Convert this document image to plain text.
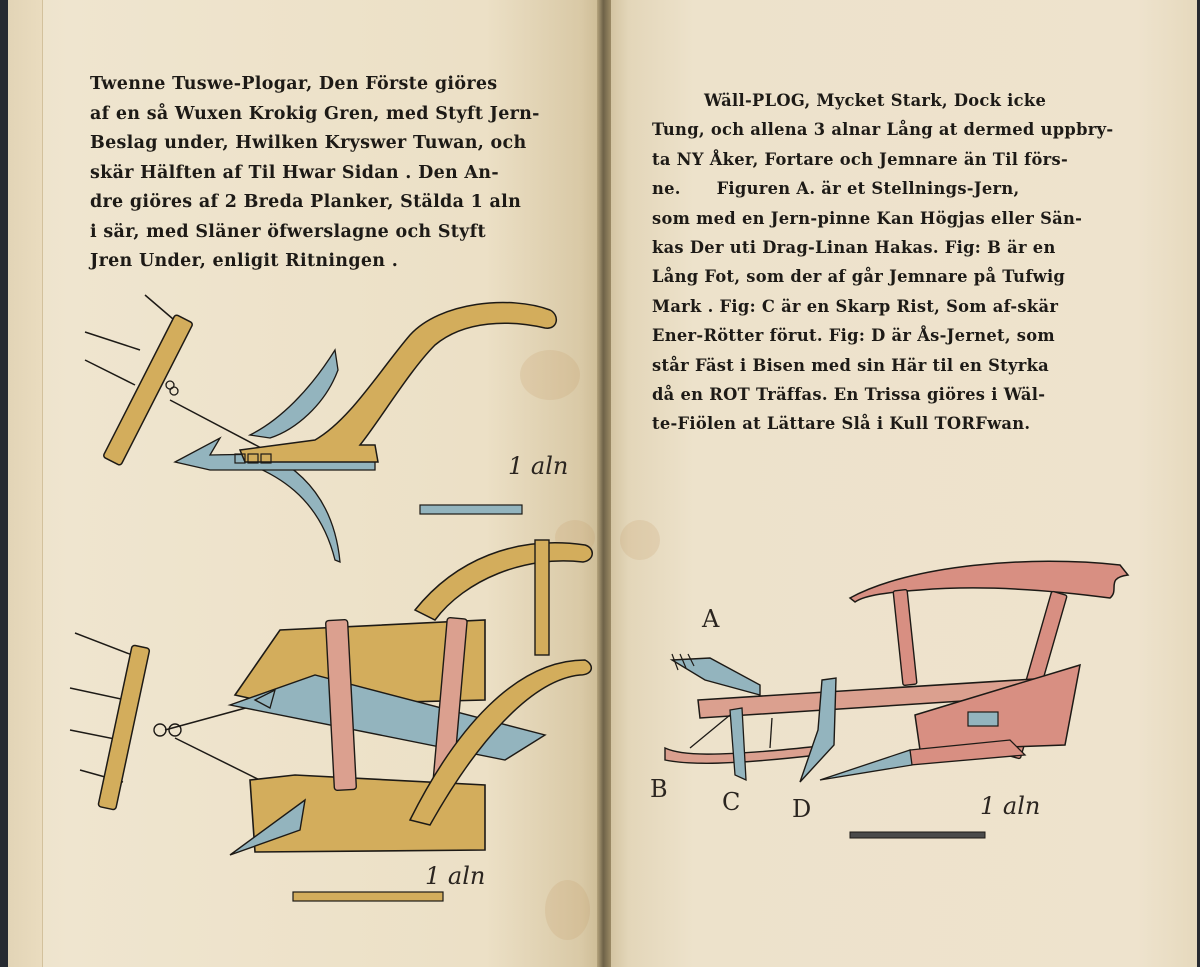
Twenne Tuswe-Plogar, Den Förste giöres
af en så Wuxen Krokig Gren, med Styft Jern-
Beslag under, Hwilken Kryswer Tuwan, och
skär Hälften af Til Hwar Sidan . Den An-
dre giöres af 2 Breda Planker, Stälda 1 aln
i sär, med Släner öfwerslagne och Styft
Jren Under, enligit Ritningen .
Wäll-PLOG, Mycket Stark, Dock icke
Tung, och allena 3 alnar Lång at dermed uppbry-
ta NY Åker, Fortare och Jemnare än Til förs-
ne.      Figuren A. är et Stellnings-Jern,
som med en Jern-pinne Kan Högjas eller Sän-
kas Der uti Drag-Linan Hakas. Fig: B är en
Lång Fot, som der af går Jemnare på Tufwig
Mark . Fig: C är en Skarp Rist, Som af-skär
Ener-Rötter förut. Fig: D är Ås-Jernet, som
står Fäst i Bisen med sin Här til en Styrka
då en ROT Träffas. En Trissa giöres i Wäl-
te-Fiölen at Lättare Slå i Kull TORFwan.
1 aln
1 aln
A
B C D	1 aln
